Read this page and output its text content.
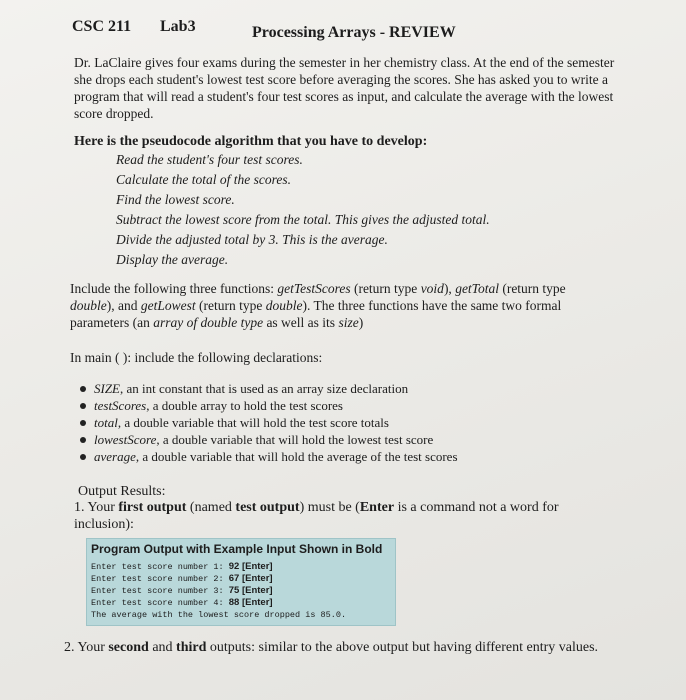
CSC 211 Lab3	Processing Arrays - REVIEW
Dr. LaClaire gives four exams during the semester in her chemistry class. At the end of the semester she drops each student's lowest test score before averaging the scores. She has asked you to write a program that will read a student's four test scores as input, and calculate the average with the lowest score dropped.
Here is the pseudocode algorithm that you have to develop:
Read the student's four test scores.
Calculate the total of the scores.
Find the lowest score.
Subtract the lowest score from the total. This gives the adjusted total.
Divide the adjusted total by 3. This is the average.
Display the average.
Include the following three functions: getTestScores (return type void), getTotal (return type
double), and getLowest (return type double). The three functions have the same two formal
parameters (an array of double type as well as its size)
In main ( ): include the following declarations:
SIZE, an int constant that is used as an array size declaration
testScores, a double array to hold the test scores
total, a double variable that will hold the test score totals
lowestScore, a double variable that will hold the lowest test score
average, a double variable that will hold the average of the test scores
Output Results:
1. Your first output (named test output) must be (Enter is a command not a word for
inclusion):
Program Output with Example Input Shown in Bold
Enter test score number 1: 92 [Enter]
Enter test score number 2: 67 [Enter]
Enter test score number 3: 75 [Enter]
Enter test score number 4: 88 [Enter]
The average with the lowest score dropped is 85.0.
2. Your second and third outputs: similar to the above output but having different entry values.
